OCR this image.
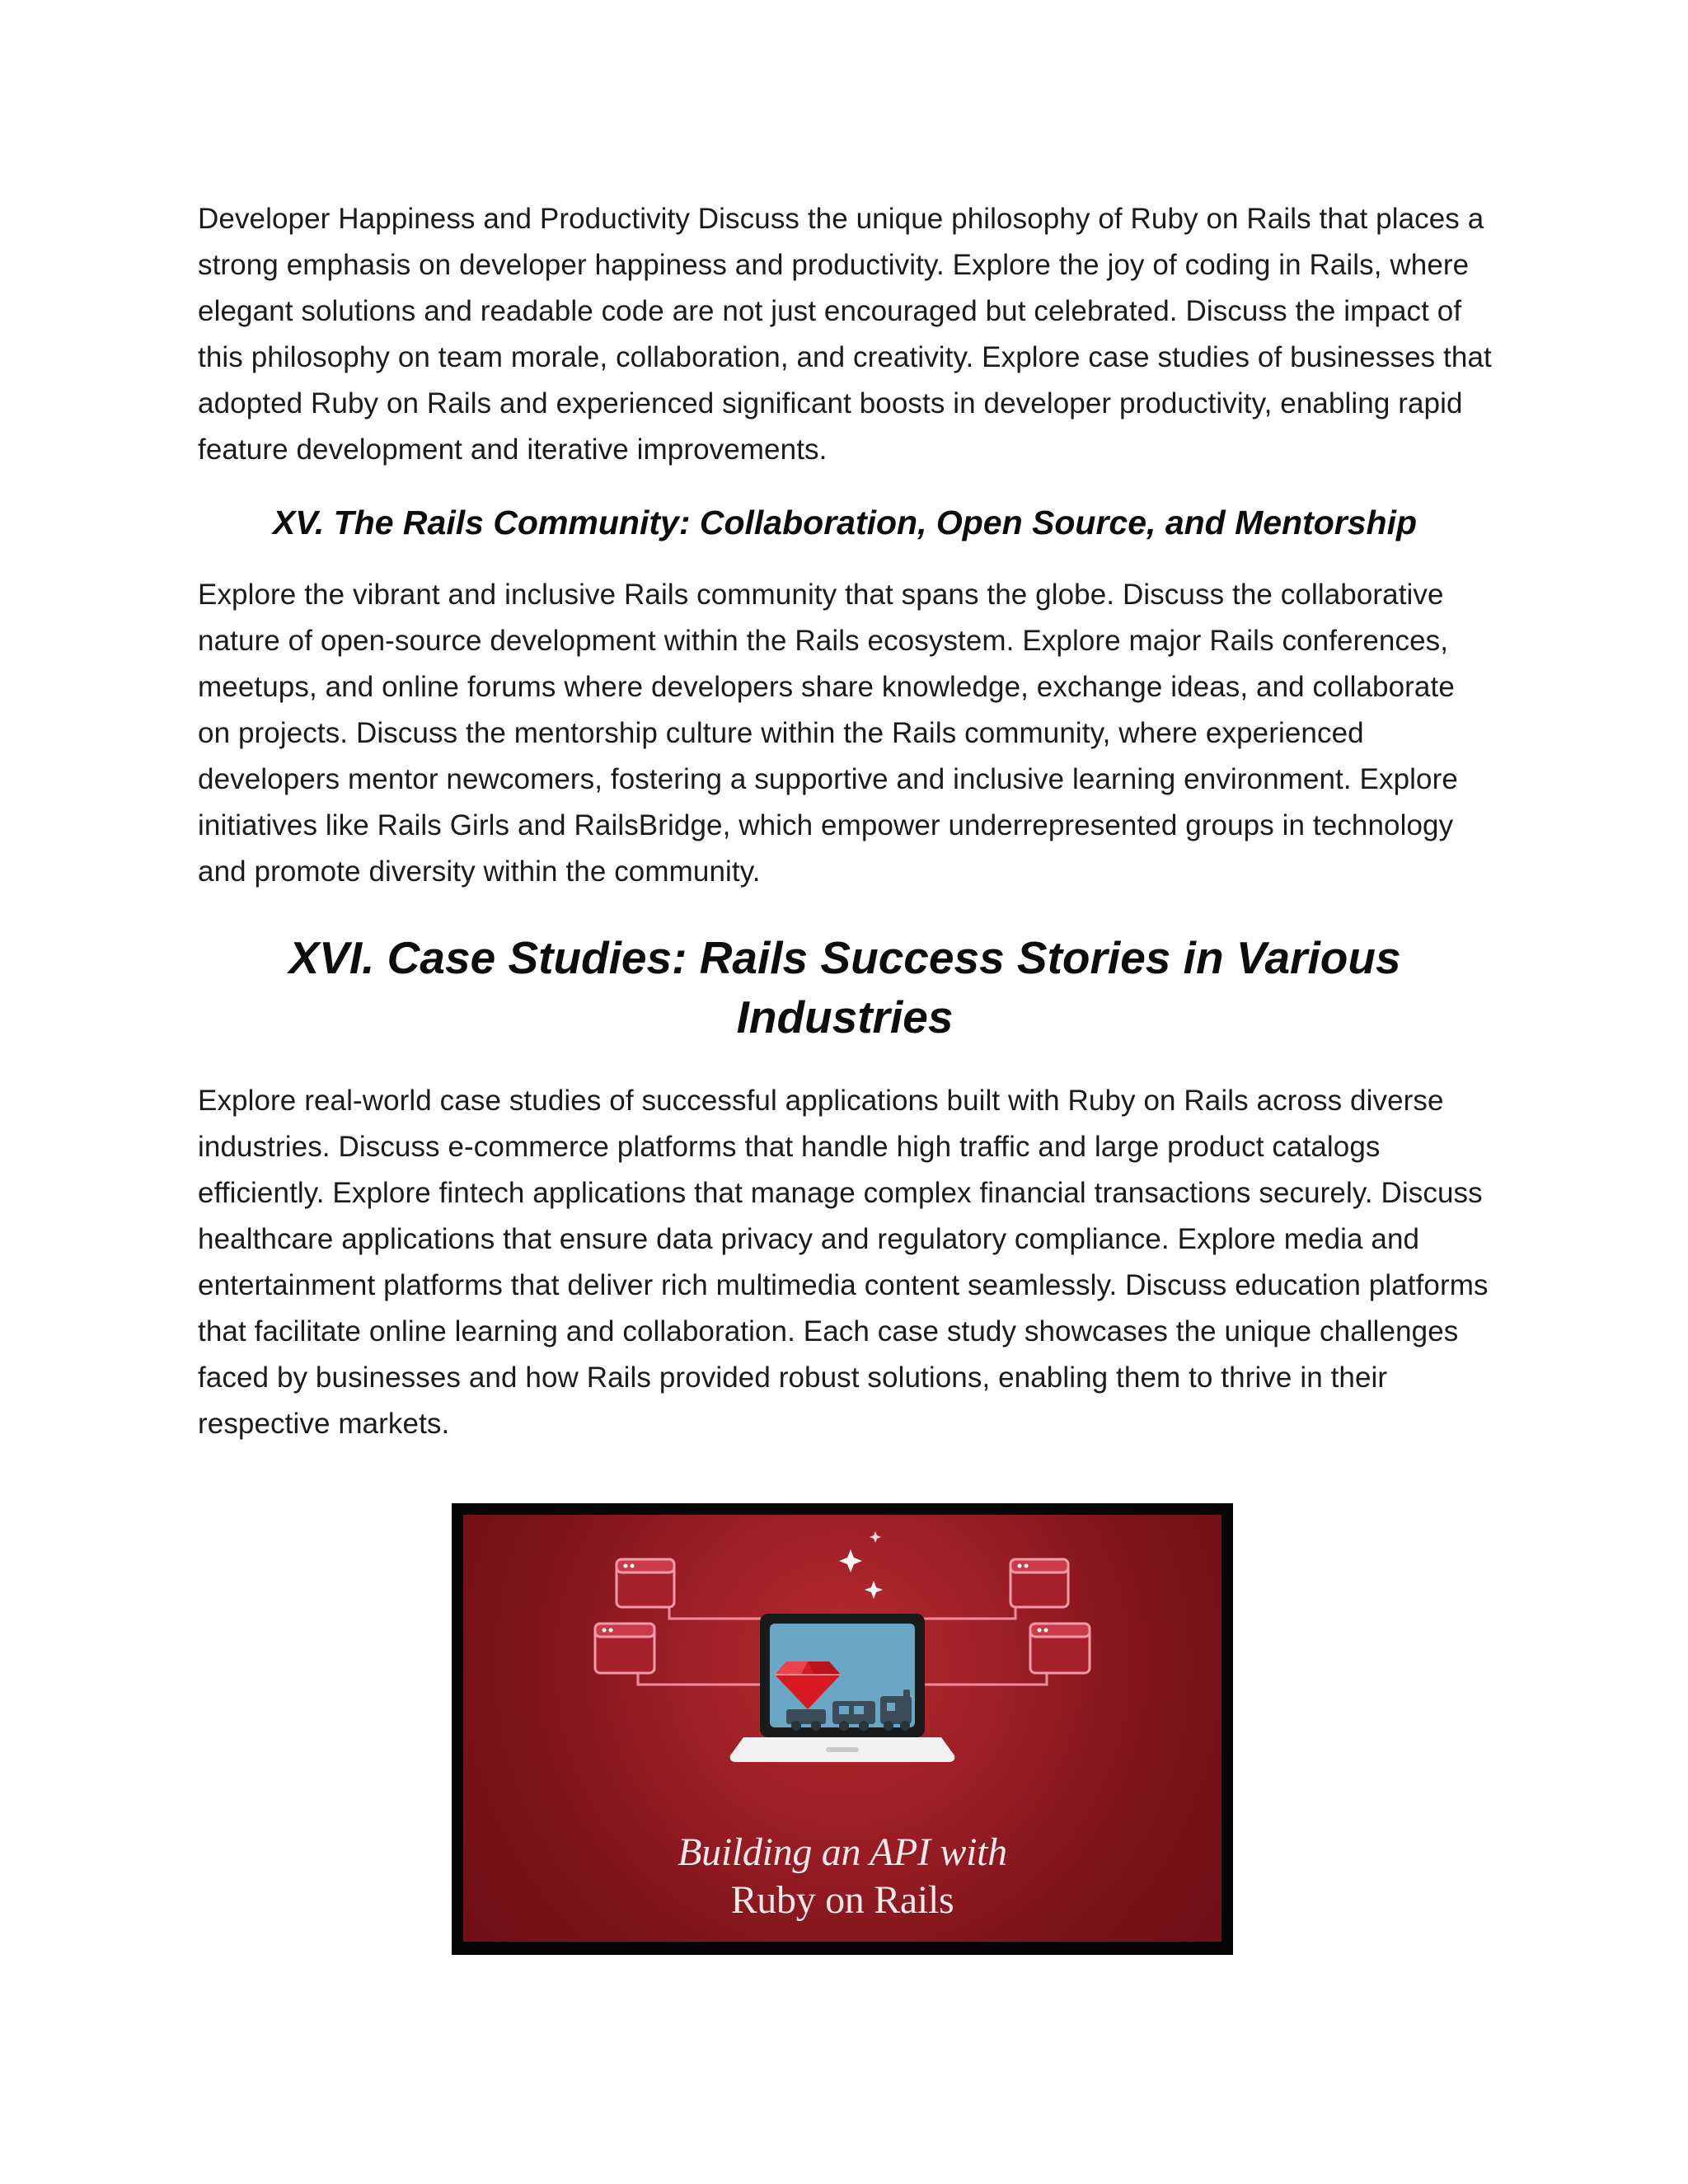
Developer Happiness and Productivity Discuss the unique philosophy of Ruby on Rails that places a strong emphasis on developer happiness and productivity. Explore the joy of coding in Rails, where elegant solutions and readable code are not just encouraged but celebrated. Discuss the impact of this philosophy on team morale, collaboration, and creativity. Explore case studies of businesses that adopted Ruby on Rails and experienced significant boosts in developer productivity, enabling rapid feature development and iterative improvements.

XV. The Rails Community: Collaboration, Open Source, and Mentorship

Explore the vibrant and inclusive Rails community that spans the globe. Discuss the collaborative nature of open-source development within the Rails ecosystem. Explore major Rails conferences, meetups, and online forums where developers share knowledge, exchange ideas, and collaborate on projects. Discuss the mentorship culture within the Rails community, where experienced developers mentor newcomers, fostering a supportive and inclusive learning environment. Explore initiatives like Rails Girls and RailsBridge, which empower underrepresented groups in technology and promote diversity within the community.

XVI. Case Studies: Rails Success Stories in Various Industries

Explore real-world case studies of successful applications built with Ruby on Rails across diverse industries. Discuss e-commerce platforms that handle high traffic and large product catalogs efficiently. Explore fintech applications that manage complex financial transactions securely. Discuss healthcare applications that ensure data privacy and regulatory compliance. Explore media and entertainment platforms that deliver rich multimedia content seamlessly. Discuss education platforms that facilitate online learning and collaboration. Each case study showcases the unique challenges faced by businesses and how Rails provided robust solutions, enabling them to thrive in their respective markets.

Building an API with
Ruby on Rails
